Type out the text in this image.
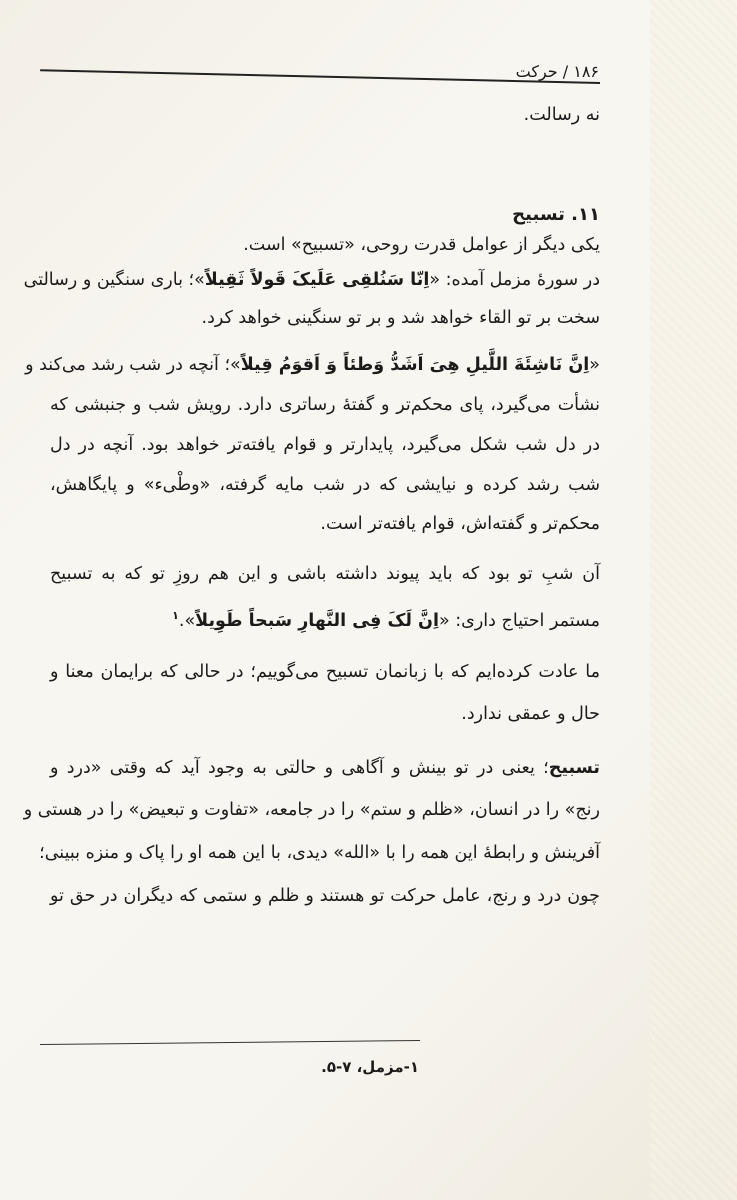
۱۸۶ / حرکت
نه رسالت.
۱۱. تسبیح
یکی دیگر از عوامل قدرت روحی، «تسبیح» است.
در سورهٔ مزمل آمده: «اِنّا سَنُلقِی عَلَیکَ قَولاً ثَقِیلاً»؛ باری سنگین و رسالتی
سخت بر تو القاء خواهد شد و بر تو سنگینی خواهد کرد.
«اِنَّ نَاشِئَةَ اللَّیلِ هِیَ اَشَدُّ وَطئاً وَ اَقوَمُ قِیلاً»؛ آنچه در شب رشد می‌کند و
نشأت می‌گیرد، پای محکم‌تر و گفتهٔ رساتری دارد. رویش شب و جنبشی که
در دل شب شکل می‌گیرد، پایدارتر و قوام یافته‌تر خواهد بود. آنچه در دل
شب رشد کرده و نیایشی که در شب مایه گرفته، «وطْیء» و پایگاهش،
محکم‌تر و گفته‌اش، قوام یافته‌تر است.
آن شبِ تو بود که باید پیوند داشته باشی و این هم روزِ تو که به تسبیح
مستمر احتیاج داری: «اِنَّ لَکَ فِی النَّهارِ سَبحاً طَوِیلاً».$^۱$
ما عادت کرده‌ایم که با زبانمان تسبیح می‌گوییم؛ در حالی که برایمان معنا و
حال و عمقی ندارد.
تسبیح؛ یعنی در تو بینش و آگاهی و حالتی به وجود آید که وقتی «درد و
رنج» را در انسان، «ظلم و ستم» را در جامعه، «تفاوت و تبعیض» را در هستی و
آفرینش و رابطهٔ این همه را با «الله» دیدی، با این همه او را پاک و منزه ببینی؛
چون درد و رنج، عامل حرکت تو هستند و ظلم و ستمی که دیگران در حق تو
۱-مزمل، ۷-۵.
